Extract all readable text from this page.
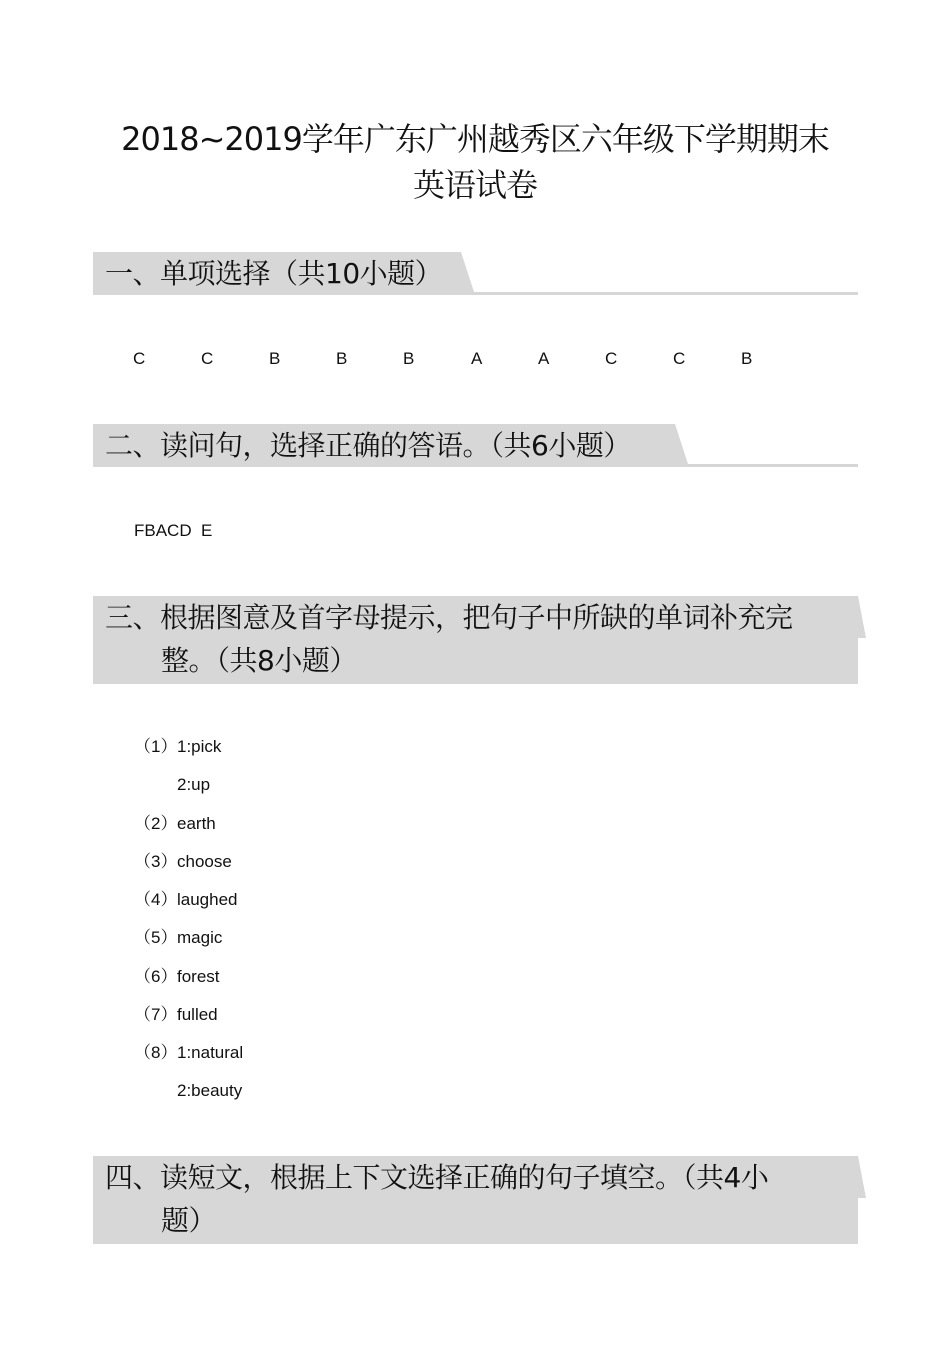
2018~2019学年广东广州越秀区六年级下学期期末
英语试卷
一、单项选择（共10小题）
C	C	B	B	B	A	A	C	C	B
二、读问句，选择正确的答语。（共6小题）
FBACD  E
三、根据图意及首字母提示，把句子中所缺的单词补充完
整。（共8小题）
（1）1:pick
2:up
（2）earth
（3）choose
（4）laughed
（5）magic
（6）forest
（7）fulled
（8）1:natural
2:beauty
四、读短文，根据上下文选择正确的句子填空。（共4小
题）
